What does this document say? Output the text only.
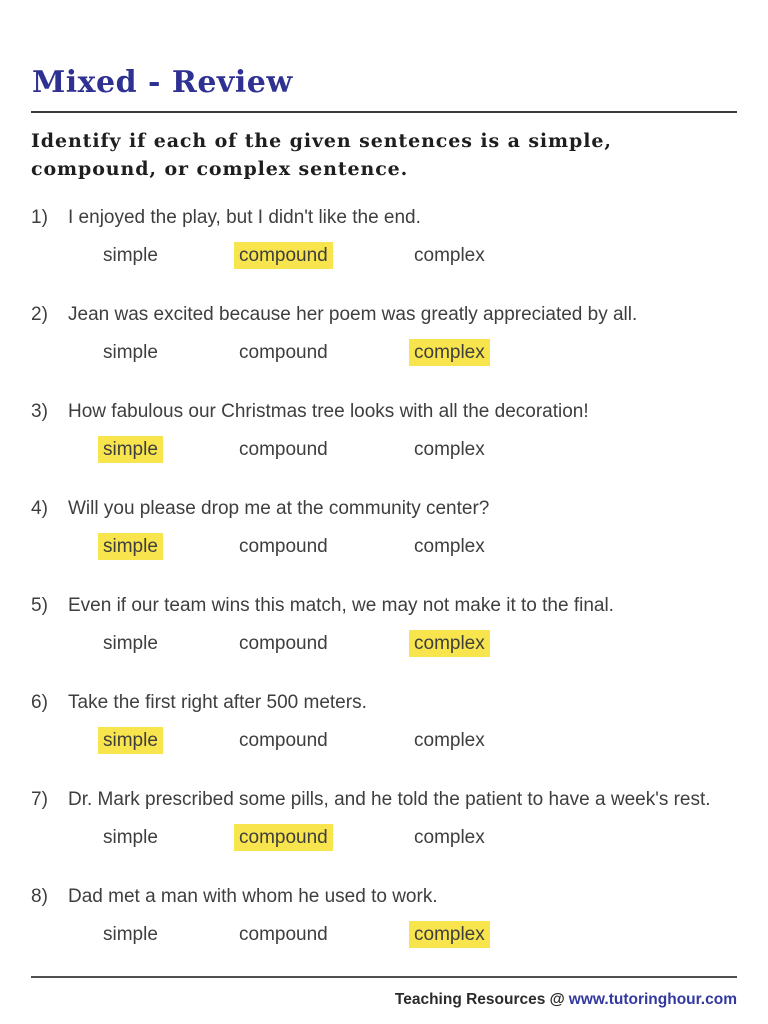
Mixed - Review
Identify if each of the given sentences is a simple, compound, or complex sentence.
1)	I enjoyed the play, but I didn't like the end.
simple	compound	complex
2)	Jean was excited because her poem was greatly appreciated by all.
simple	compound	complex
3)	How fabulous our Christmas tree looks with all the decoration!
simple	compound	complex
4)	Will you please drop me at the community center?
simple	compound	complex
5)	Even if our team wins this match, we may not make it to the final.
simple	compound	complex
6)	Take the first right after 500 meters.
simple	compound	complex
7)	Dr. Mark prescribed some pills, and he told the patient to have a week's rest.
simple	compound	complex
8)	Dad met a man with whom he used to work.
simple	compound	complex
Teaching Resources @ www.tutoringhour.com
